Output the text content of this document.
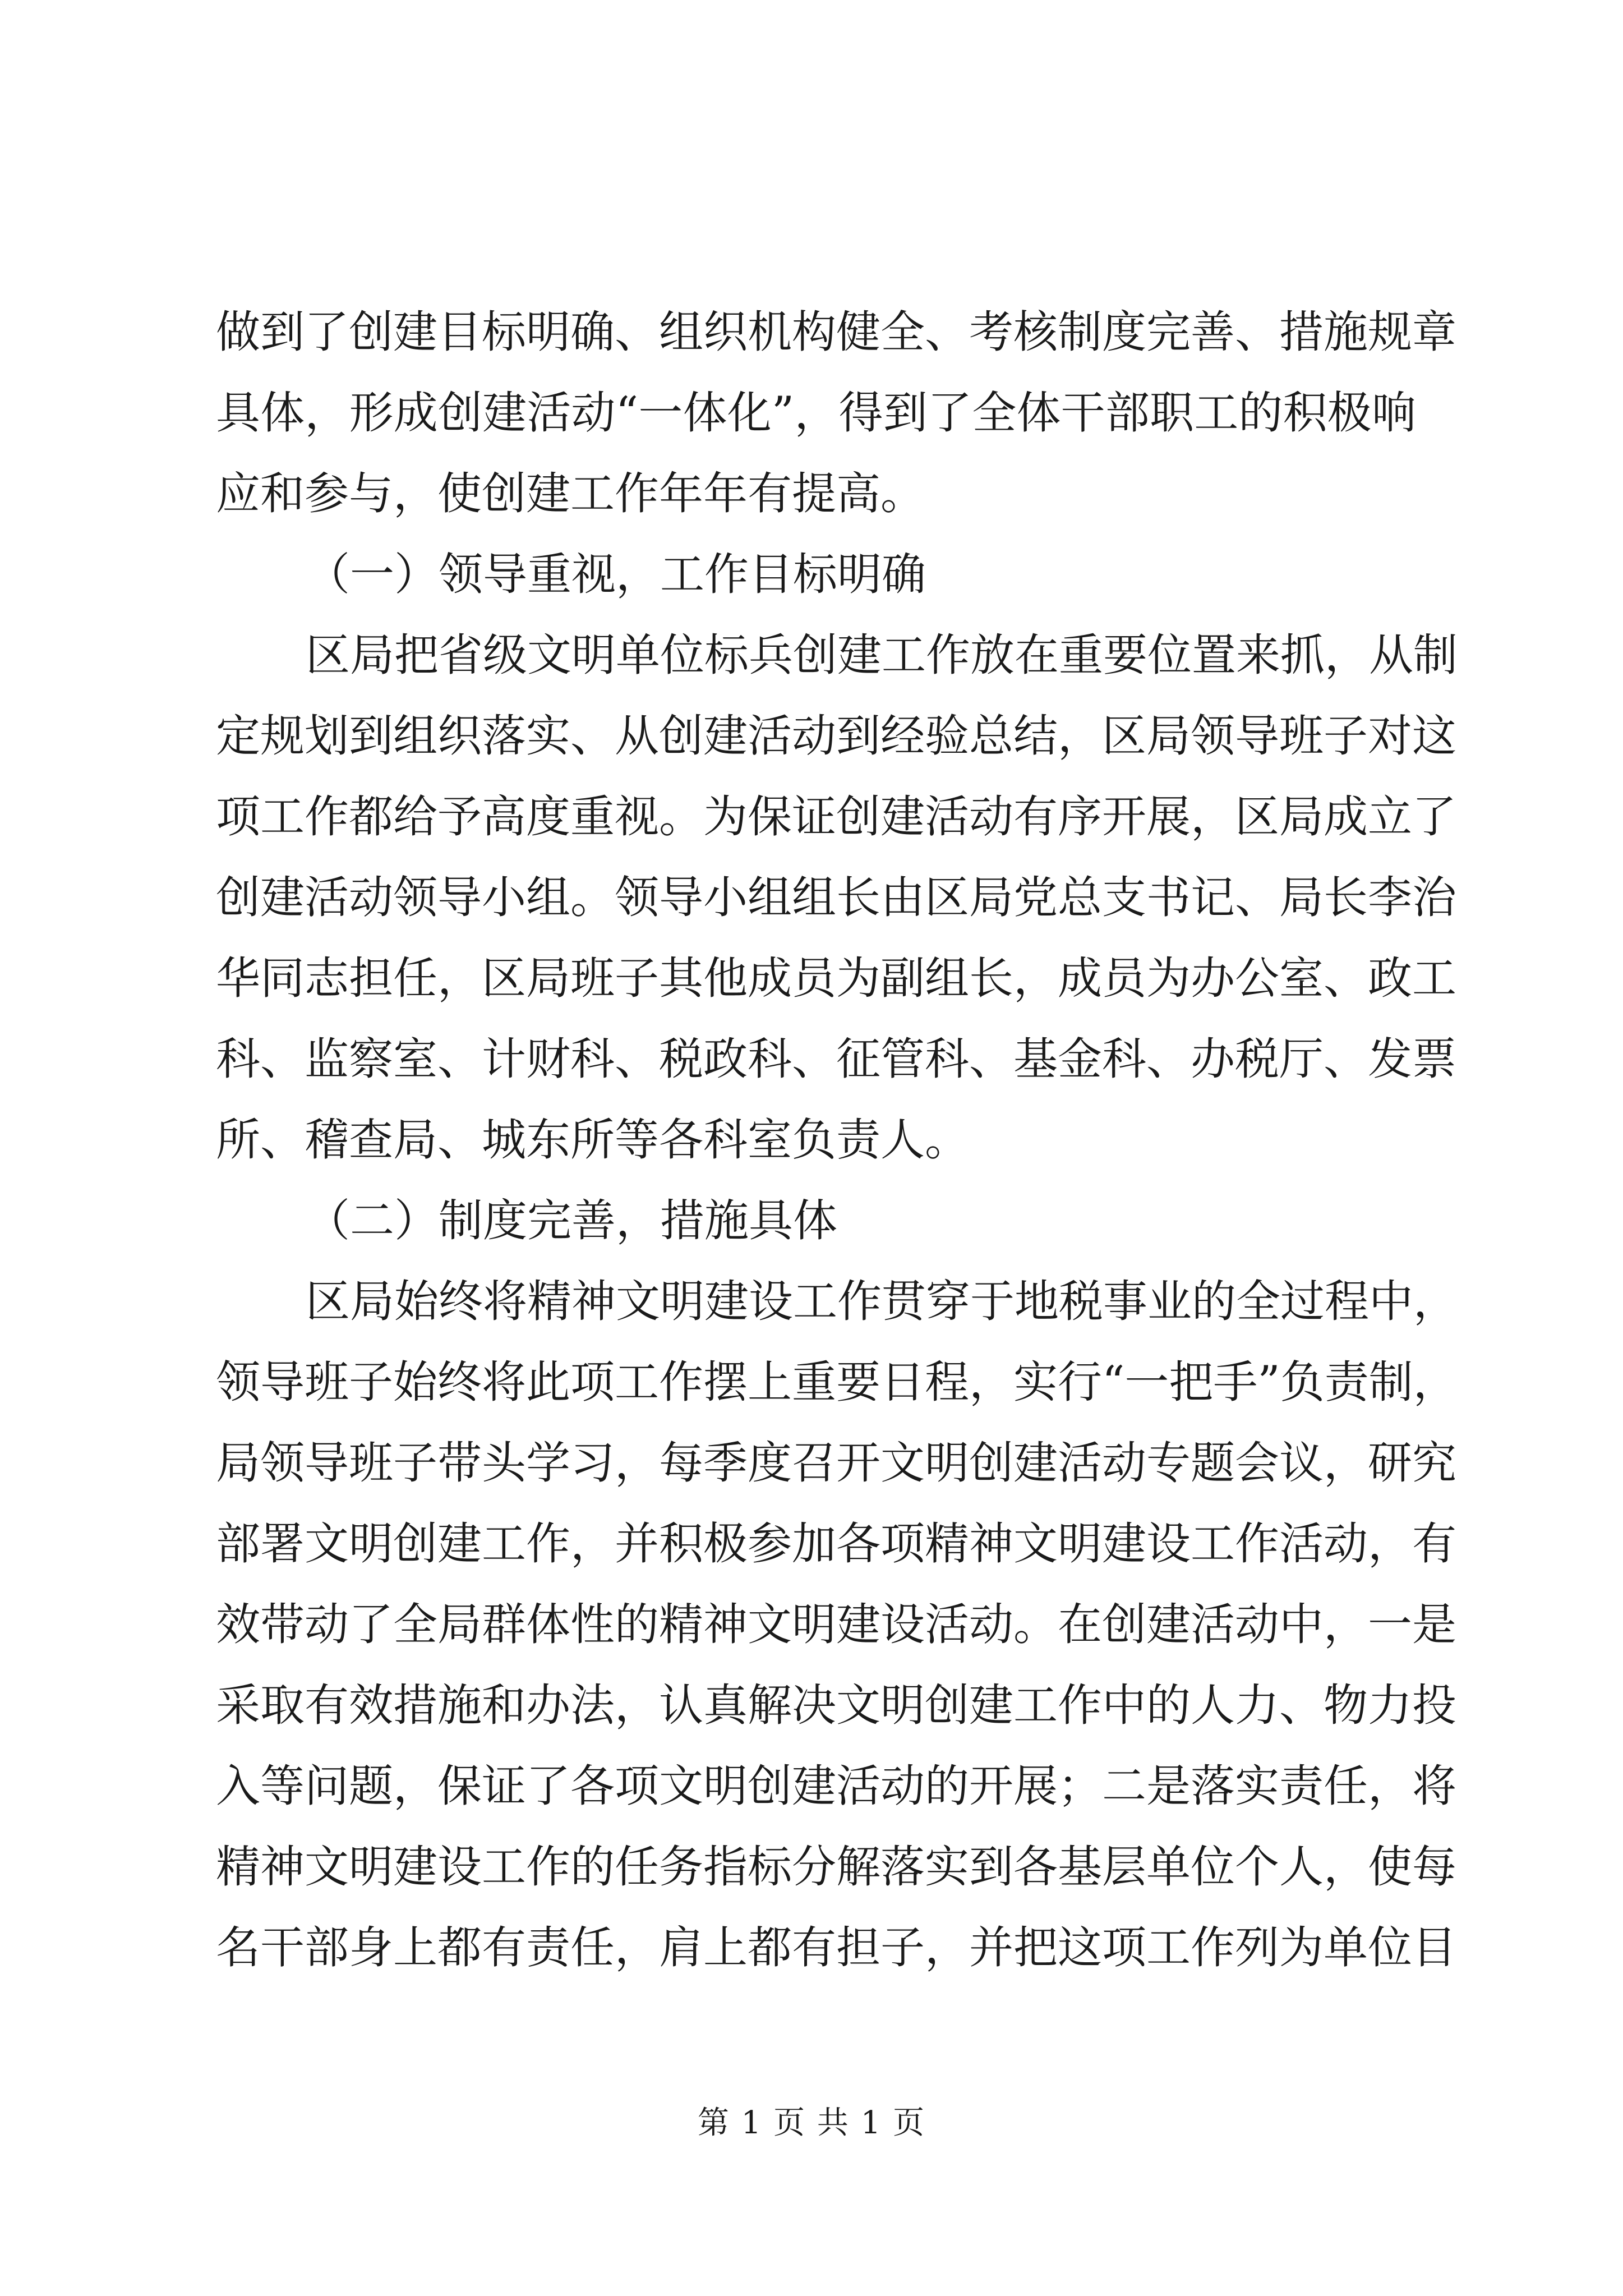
做到了创建目标明确、组织机构健全、考核制度完善、措施规章
具体，形成创建活动“一体化”，得到了全体干部职工的积极响
应和参与，使创建工作年年有提高。
（一）领导重视，工作目标明确
区局把省级文明单位标兵创建工作放在重要位置来抓，从制
定规划到组织落实、从创建活动到经验总结，区局领导班子对这
项工作都给予高度重视。为保证创建活动有序开展，区局成立了
创建活动领导小组。领导小组组长由区局党总支书记、局长李治
华同志担任，区局班子其他成员为副组长，成员为办公室、政工
科、监察室、计财科、税政科、征管科、基金科、办税厅、发票
所、稽查局、城东所等各科室负责人。
（二）制度完善，措施具体
区局始终将精神文明建设工作贯穿于地税事业的全过程中，
领导班子始终将此项工作摆上重要日程，实行“一把手”负责制，
局领导班子带头学习，每季度召开文明创建活动专题会议，研究
部署文明创建工作，并积极参加各项精神文明建设工作活动，有
效带动了全局群体性的精神文明建设活动。在创建活动中，一是
采取有效措施和办法，认真解决文明创建工作中的人力、物力投
入等问题，保证了各项文明创建活动的开展；二是落实责任，将
精神文明建设工作的任务指标分解落实到各基层单位个人，使每
名干部身上都有责任，肩上都有担子，并把这项工作列为单位目
第 1 页 共 1 页
